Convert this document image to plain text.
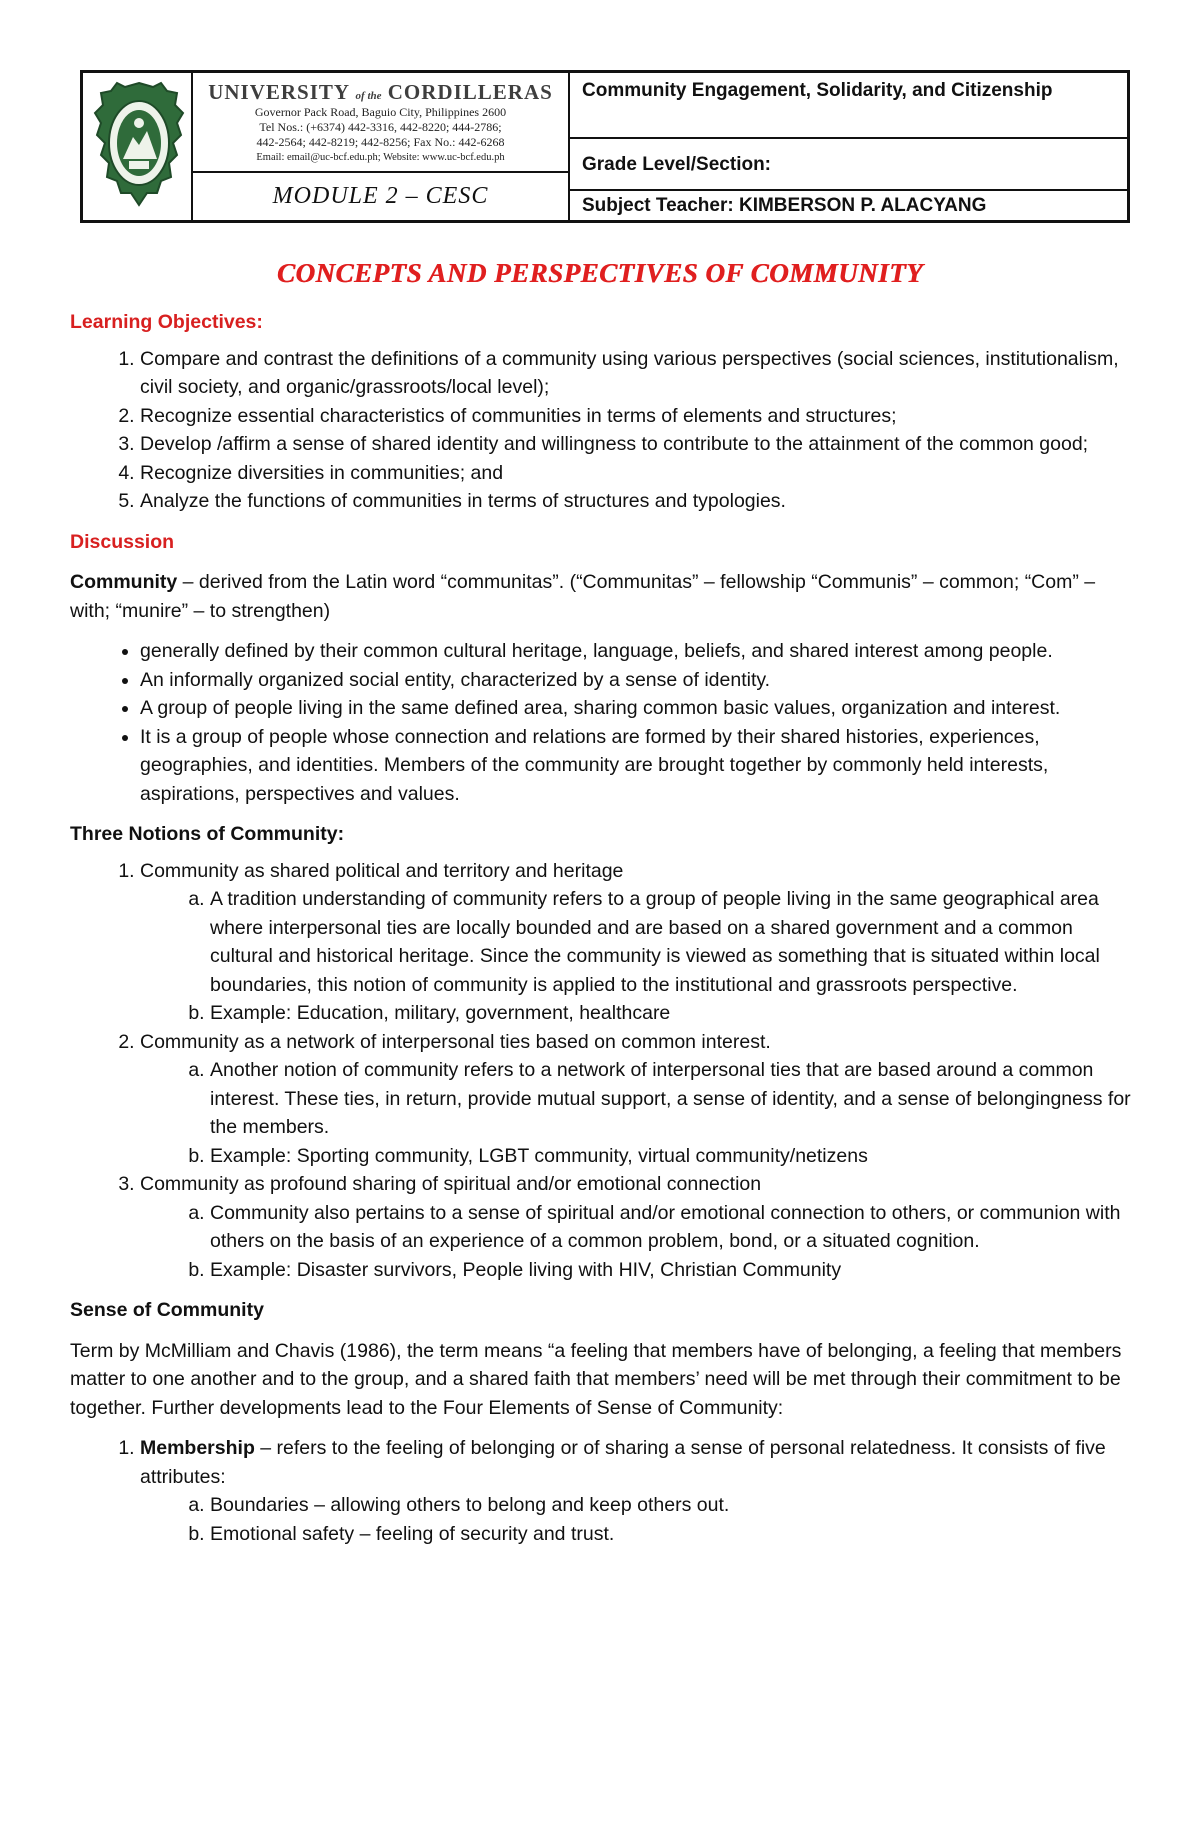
UNIVERSITY of the CORDILLERAS
Governor Pack Road, Baguio City, Philippines 2600
Tel Nos.: (+6374) 442-3316, 442-8220; 444-2786;
442-2564; 442-8219; 442-8256; Fax No.: 442-6268
Email: email@uc-bcf.edu.ph; Website: www.uc-bcf.edu.ph
MODULE 2 – CESC
Community Engagement, Solidarity, and Citizenship
Grade Level/Section:
Subject Teacher: KIMBERSON P. ALACYANG
CONCEPTS AND PERSPECTIVES OF COMMUNITY

Learning Objectives:

1. Compare and contrast the definitions of a community using various perspectives (social sciences, institutionalism, civil society, and organic/grassroots/local level);
2. Recognize essential characteristics of communities in terms of elements and structures;
3. Develop /affirm a sense of shared identity and willingness to contribute to the attainment of the common good;
4. Recognize diversities in communities; and
5. Analyze the functions of communities in terms of structures and typologies.

Discussion

Community – derived from the Latin word “communitas”. (“Communitas” – fellowship “Communis” – common; “Com” – with; “munire” – to strengthen)

• generally defined by their common cultural heritage, language, beliefs, and shared interest among people.
• An informally organized social entity, characterized by a sense of identity.
• A group of people living in the same defined area, sharing common basic values, organization and interest.
• It is a group of people whose connection and relations are formed by their shared histories, experiences, geographies, and identities. Members of the community are brought together by commonly held interests, aspirations, perspectives and values.

Three Notions of Community:

1. Community as shared political and territory and heritage
a. A tradition understanding of community refers to a group of people living in the same geographical area where interpersonal ties are locally bounded and are based on a shared government and a common cultural and historical heritage. Since the community is viewed as something that is situated within local boundaries, this notion of community is applied to the institutional and grassroots perspective.
b. Example: Education, military, government, healthcare
2. Community as a network of interpersonal ties based on common interest.
a. Another notion of community refers to a network of interpersonal ties that are based around a common interest. These ties, in return, provide mutual support, a sense of identity, and a sense of belongingness for the members.
b. Example: Sporting community, LGBT community, virtual community/netizens
3. Community as profound sharing of spiritual and/or emotional connection
a. Community also pertains to a sense of spiritual and/or emotional connection to others, or communion with others on the basis of an experience of a common problem, bond, or a situated cognition.
b. Example: Disaster survivors, People living with HIV, Christian Community

Sense of Community

Term by McMilliam and Chavis (1986), the term means “a feeling that members have of belonging, a feeling that members matter to one another and to the group, and a shared faith that members’ need will be met through their commitment to be together. Further developments lead to the Four Elements of Sense of Community:

1. Membership – refers to the feeling of belonging or of sharing a sense of personal relatedness. It consists of five attributes:
a. Boundaries – allowing others to belong and keep others out.
b. Emotional safety – feeling of security and trust.
